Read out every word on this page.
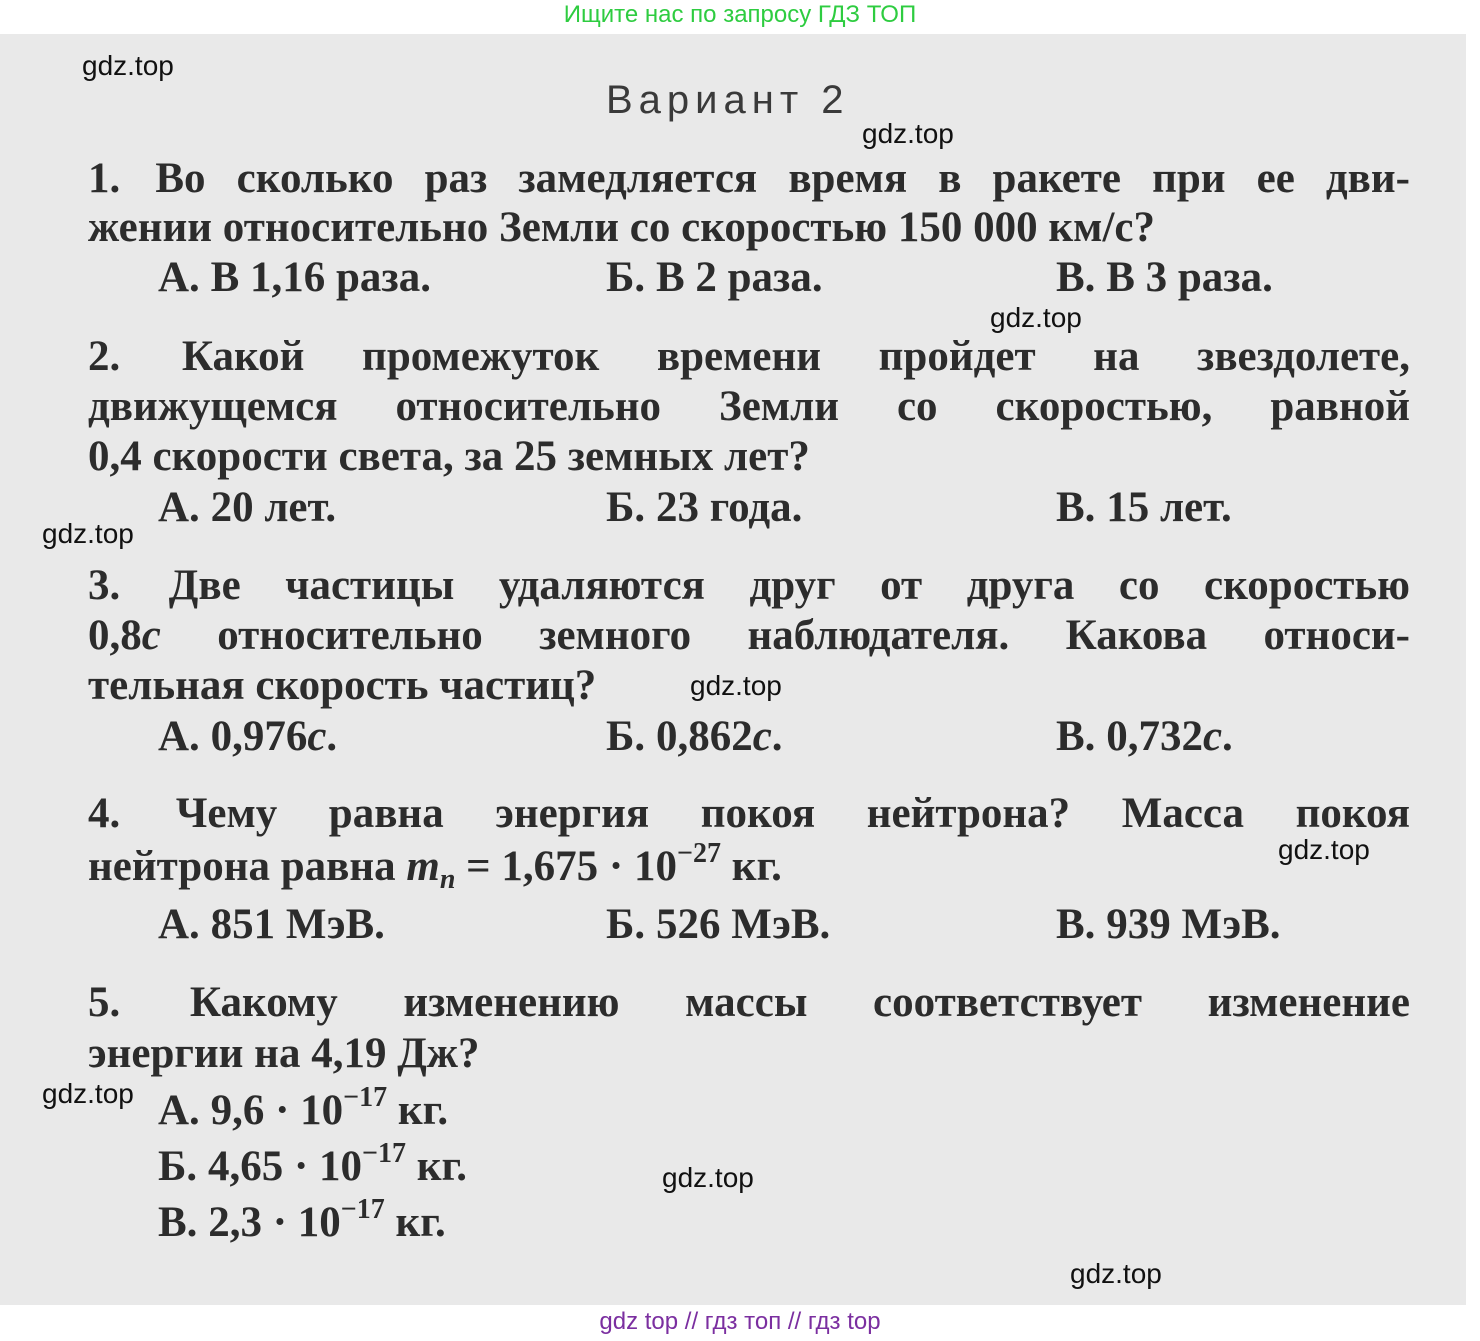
Ищите нас по запросу ГДЗ ТОП
Вариант 2
1. Во сколько раз замедляется время в ракете при ее дви-
жении относительно Земли со скоростью 150 000 км/с?
А. В 1,16 раза.	Б. В 2 раза.	В. В 3 раза.
2. Какой промежуток времени пройдет на звездолете,
движущемся относительно Земли со скоростью, равной
0,4 скорости света, за 25 земных лет?
А. 20 лет.	Б. 23 года.	В. 15 лет.
3. Две частицы удаляются друг от друга со скоростью
0,8c относительно земного наблюдателя. Какова относи-
тельная скорость частиц?
А. 0,976c.	Б. 0,862c.	В. 0,732c.
4. Чему равна энергия покоя нейтрона? Масса покоя
нейтрона равна $m_n = 1,675 \cdot 10^{-27}$ кг.
А. 851 МэВ.	Б. 526 МэВ.	В. 939 МэВ.
5. Какому изменению массы соответствует изменение
энергии на 4,19 Дж?
А. $9,6 \cdot 10^{-17}$ кг.
Б. $4,65 \cdot 10^{-17}$ кг.
В. $2,3 \cdot 10^{-17}$ кг.
gdz.top
gdz.top
gdz.top
gdz.top
gdz.top
gdz.top
gdz.top
gdz.top
gdz.top
gdz top // гдз топ // гдз top
